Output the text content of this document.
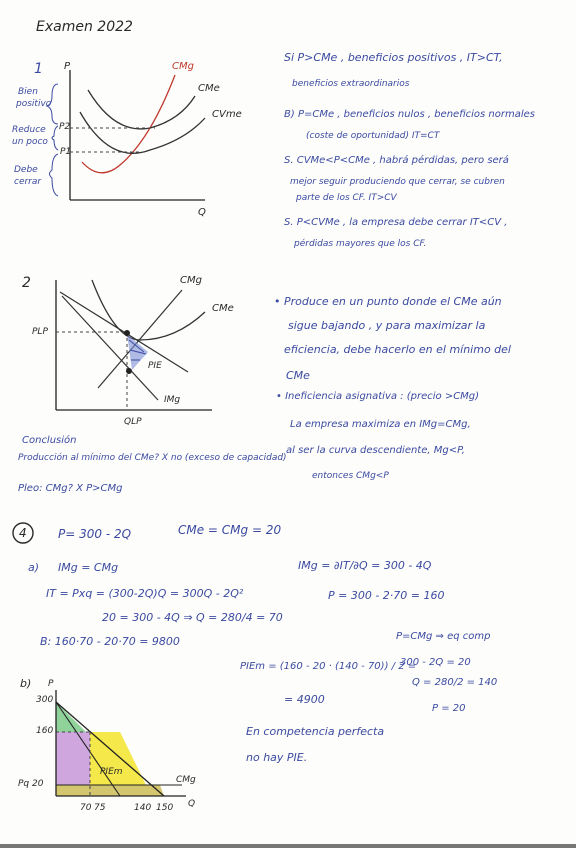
Examen 2022
1 P
Q
CMg
CMe
CVme
P2
P1
Bien
positivo
Reduce
un poco
Debe
cerrar
Si P>CMe , beneficios positivos , IT>CT,
beneficios extraordinarios
B) P=CMe , beneficios nulos , beneficios normales
(coste de oportunidad) IT=CT
S. CVMe<P<CMe , habrá pérdidas, pero será
mejor seguir produciendo que cerrar, se cubren
parte de los CF. IT>CV
S. P<CVMe , la empresa debe cerrar IT<CV ,
pérdidas mayores que los CF.
2	CMg
CMe
PLP
QLP
IMg
PIE
• Produce en un punto donde el CMe aún
sigue bajando , y para maximizar la
eficiencia, debe hacerlo en el mínimo del
CMe
• Ineficiencia asignativa : (precio >CMg)
La empresa maximiza en IMg=CMg,
al ser la curva descendiente, Mg<P,
entonces CMg<P
Conclusión
Producción al mínimo del CMe? X no (exceso de capacidad)
Pleo: CMg? X P>CMg
4	P= 300 - 2Q	CMe = CMg = 20
a) IMg = CMg
IT = Pxq = (300-2Q)Q = 300Q - 2Q²
20 = 300 - 4Q ⇒ Q = 280/4 = 70
B: 160·70 - 20·70 = 9800
IMg = ∂IT/∂Q = 300 - 4Q
P = 300 - 2·70 = 160
PIEm = (160 - 20 · (140 - 70)) / 2 =
= 4900
P=CMg ⇒ eq comp
300 - 2Q = 20
Q = 280/2 = 140
P = 20
En competencia perfecta
no hay PIE.
b) P
Q
300
160
Pq 20
70 75	140 150
CMg
PIEm
